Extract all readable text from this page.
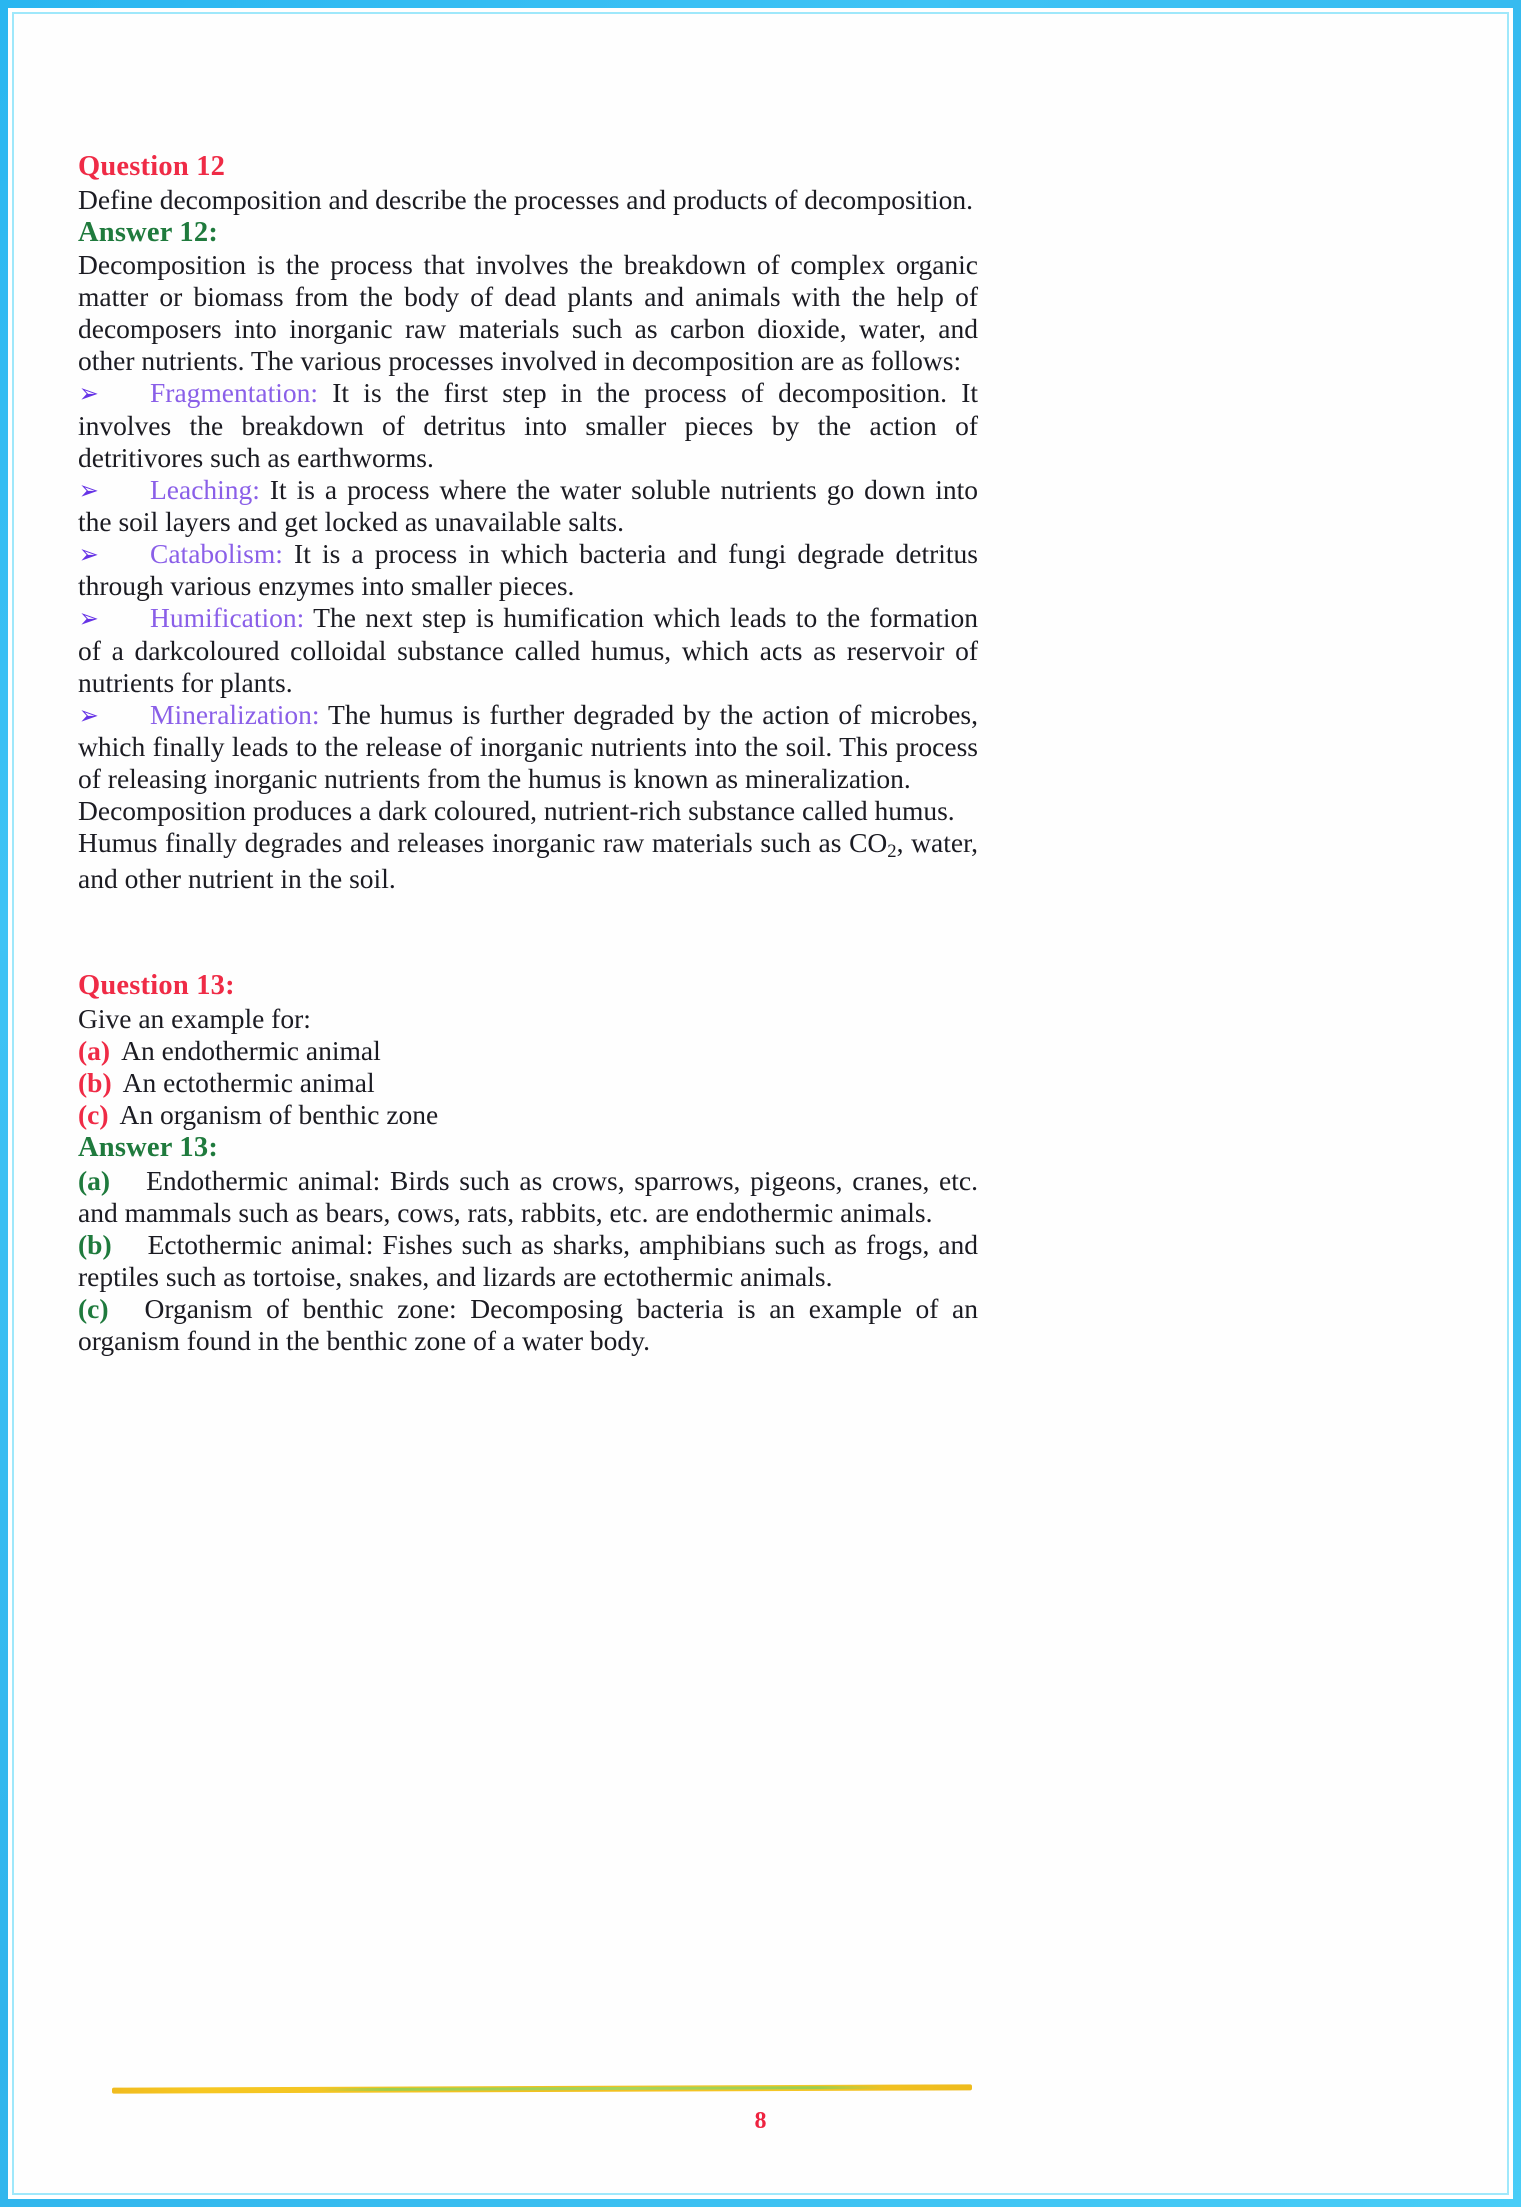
Question 12

Define decomposition and describe the processes and products of decomposition.

Answer 12:

Decomposition is the process that involves the breakdown of complex organic matter or biomass from the body of dead plants and animals with the help of decomposers into inorganic raw materials such as carbon dioxide, water, and other nutrients. The various processes involved in decomposition are as follows:

➢ Fragmentation: It is the first step in the process of decomposition. It involves the breakdown of detritus into smaller pieces by the action of detritivores such as earthworms.

➢ Leaching: It is a process where the water soluble nutrients go down into the soil layers and get locked as unavailable salts.

➢ Catabolism: It is a process in which bacteria and fungi degrade detritus through various enzymes into smaller pieces.

➢ Humification: The next step is humification which leads to the formation of a darkcoloured colloidal substance called humus, which acts as reservoir of nutrients for plants.

➢ Mineralization: The humus is further degraded by the action of microbes, which finally leads to the release of inorganic nutrients into the soil. This process of releasing inorganic nutrients from the humus is known as mineralization.

Decomposition produces a dark coloured, nutrient-rich substance called humus.

Humus finally degrades and releases inorganic raw materials such as $CO_2$, water, and other nutrient in the soil.

Question 13:

Give an example for:

(a) An endothermic animal

(b) An ectothermic animal

(c) An organism of benthic zone

Answer 13:

(a) Endothermic animal: Birds such as crows, sparrows, pigeons, cranes, etc. and mammals such as bears, cows, rats, rabbits, etc. are endothermic animals.

(b) Ectothermic animal: Fishes such as sharks, amphibians such as frogs, and reptiles such as tortoise, snakes, and lizards are ectothermic animals.

(c) Organism of benthic zone: Decomposing bacteria is an example of an organism found in the benthic zone of a water body.

8
